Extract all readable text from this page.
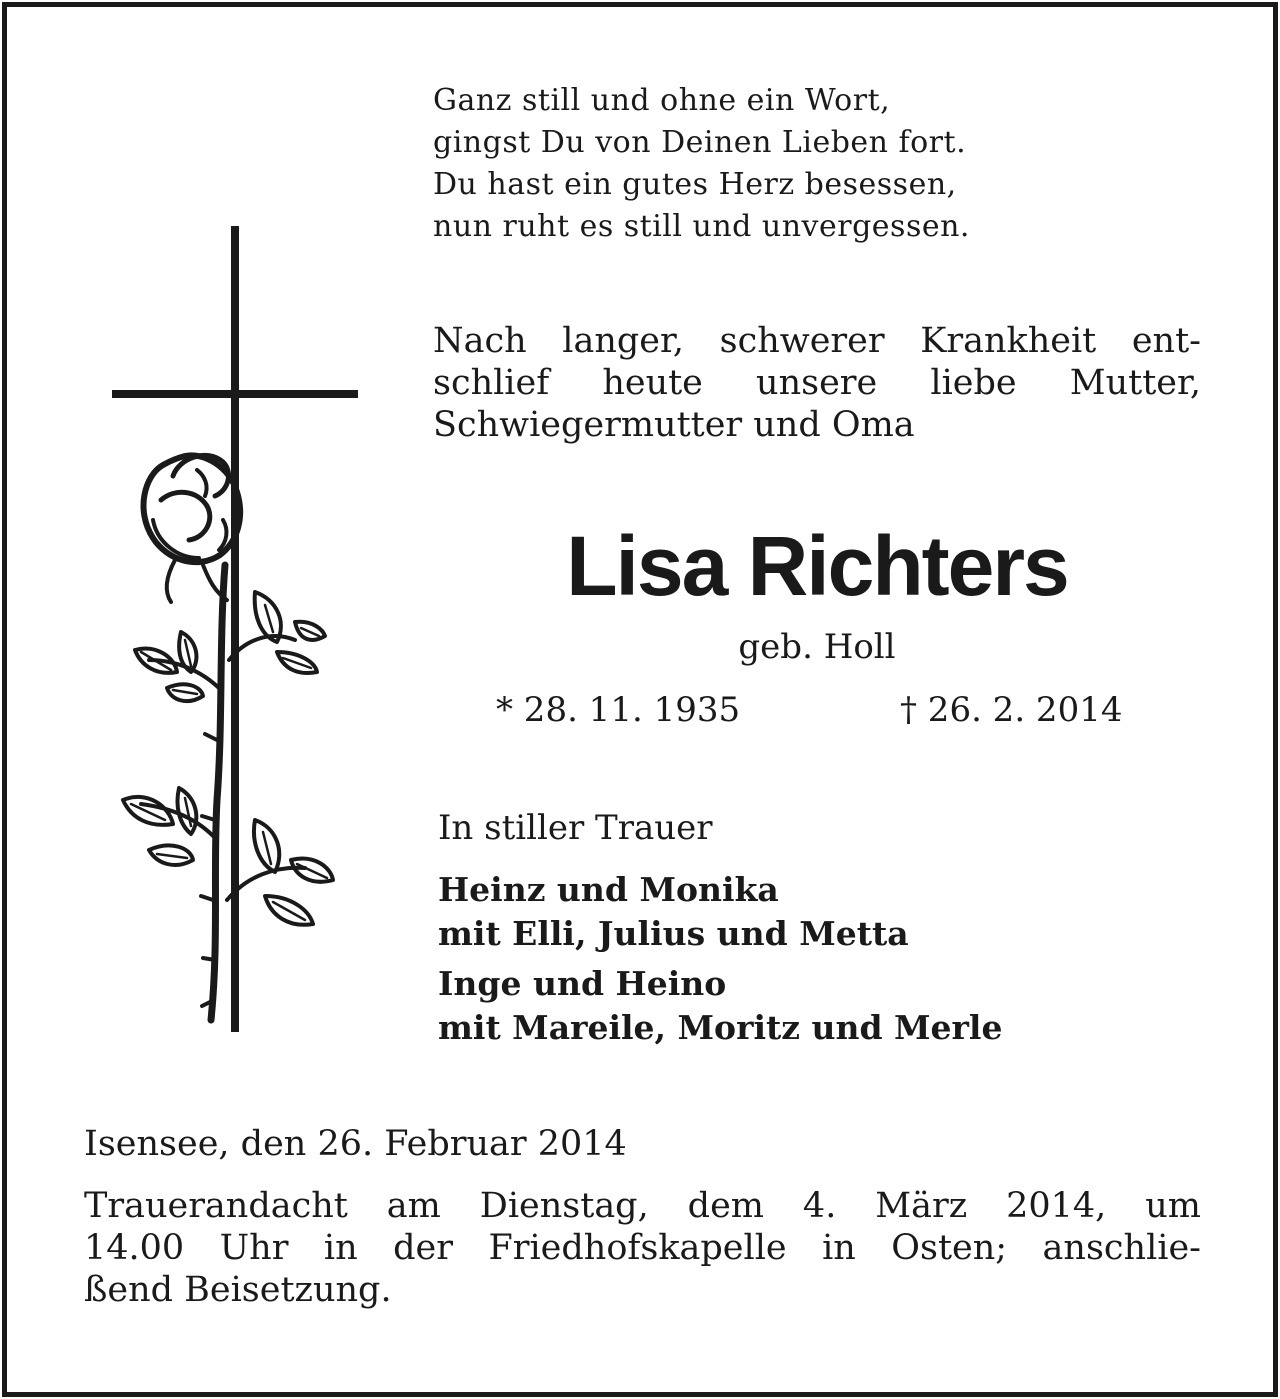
Ganz still und ohne ein Wort,
gingst Du von Deinen Lieben fort.
Du hast ein gutes Herz besessen,
nun ruht es still und unvergessen.
Nach langer, schwerer Krankheit ent-
schlief heute unsere liebe Mutter,
Schwiegermutter und Oma
Lisa Richters
geb. Holl
* 28. 11. 1935	† 26. 2. 2014
In stiller Trauer
Heinz und Monika
mit Elli, Julius und Metta
Inge und Heino
mit Mareile, Moritz und Merle
Isensee, den 26. Februar 2014
Trauerandacht am Dienstag, dem 4. März 2014, um
14.00 Uhr in der Friedhofskapelle in Osten; anschlie-
ßend Beisetzung.
